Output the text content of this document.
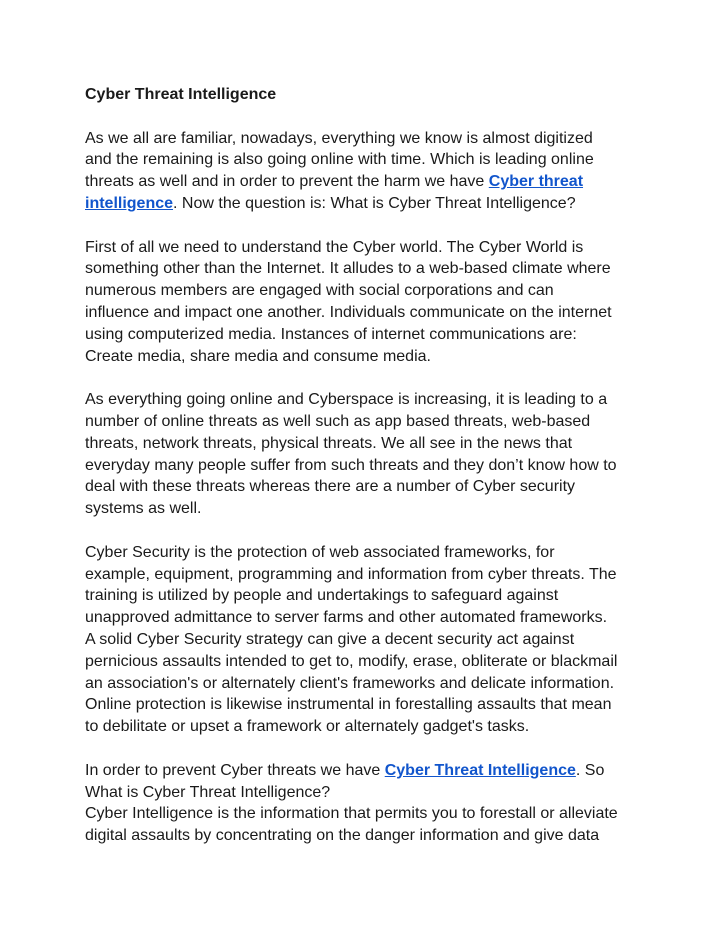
Cyber Threat Intelligence

As we all are familiar, nowadays, everything we know is almost digitized
and the remaining is also going online with time. Which is leading online
threats as well and in order to prevent the harm we have Cyber threat
intelligence. Now the question is: What is Cyber Threat Intelligence?
First of all we need to understand the Cyber world. The Cyber World is
something other than the Internet. It alludes to a web-based climate where
numerous members are engaged with social corporations and can
influence and impact one another. Individuals communicate on the internet
using computerized media. Instances of internet communications are:
Create media, share media and consume media.
As everything going online and Cyberspace is increasing, it is leading to a
number of online threats as well such as app based threats, web-based
threats, network threats, physical threats. We all see in the news that
everyday many people suffer from such threats and they don’t know how to
deal with these threats whereas there are a number of Cyber security
systems as well.
Cyber Security is the protection of web associated frameworks, for
example, equipment, programming and information from cyber threats. The
training is utilized by people and undertakings to safeguard against
unapproved admittance to server farms and other automated frameworks.
A solid Cyber Security strategy can give a decent security act against
pernicious assaults intended to get to, modify, erase, obliterate or blackmail
an association's or alternately client's frameworks and delicate information.
Online protection is likewise instrumental in forestalling assaults that mean
to debilitate or upset a framework or alternately gadget's tasks.
In order to prevent Cyber threats we have Cyber Threat Intelligence. So
What is Cyber Threat Intelligence?
Cyber Intelligence is the information that permits you to forestall or alleviate
digital assaults by concentrating on the danger information and give data
